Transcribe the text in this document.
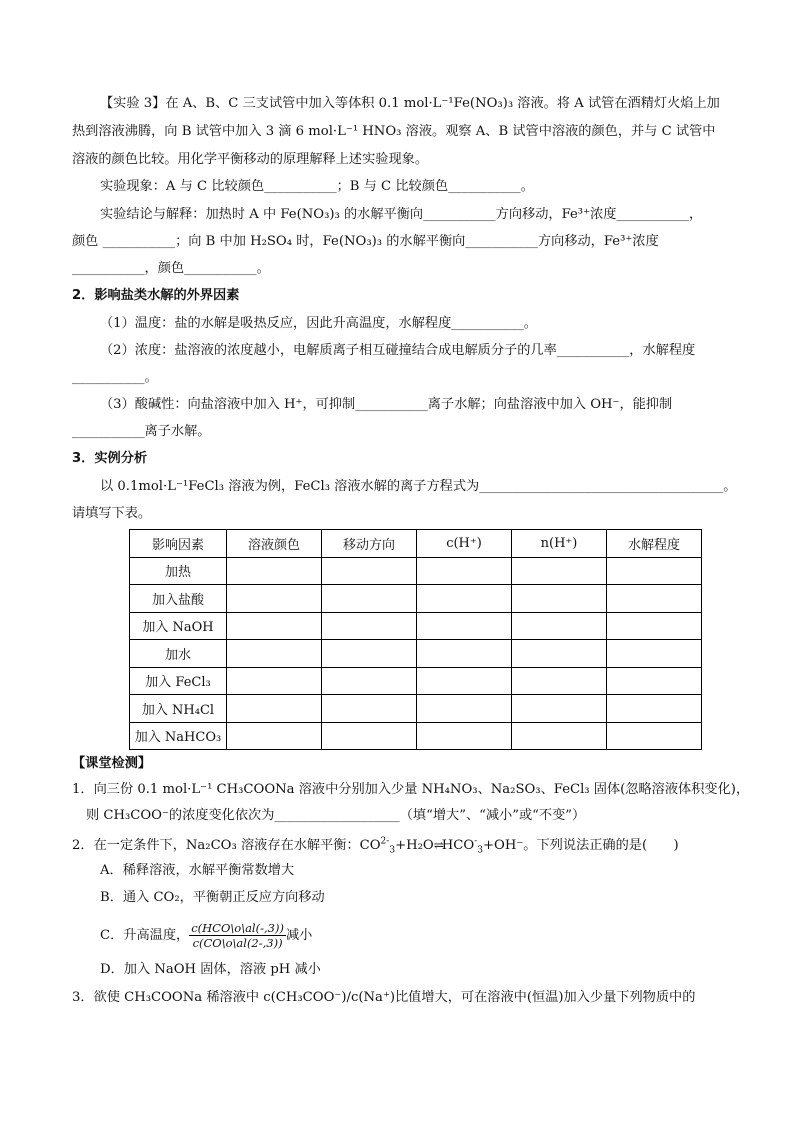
【实验 3】在 A、B、C 三支试管中加入等体积 0.1 mol·L⁻¹Fe(NO₃)₃ 溶液。将 A 试管在酒精灯火焰上加
热到溶液沸腾，向 B 试管中加入 3 滴 6 mol·L⁻¹ HNO₃ 溶液。观察 A、B 试管中溶液的颜色，并与 C 试管中
溶液的颜色比较。用化学平衡移动的原理解释上述实验现象。
实验现象：A 与 C 比较颜色___________；B 与 C 比较颜色___________。
实验结论与解释：加热时 A 中 Fe(NO₃)₃ 的水解平衡向___________方向移动，Fe³⁺浓度___________，
颜色 ___________；向 B 中加 H₂SO₄ 时，Fe(NO₃)₃ 的水解平衡向___________方向移动，Fe³⁺浓度
___________，颜色___________。
2．影响盐类水解的外界因素
（1）温度：盐的水解是吸热反应，因此升高温度，水解程度___________。
（2）浓度：盐溶液的浓度越小，电解质离子相互碰撞结合成电解质分子的几率___________，水解程度
___________。
（3）酸碱性：向盐溶液中加入 H⁺，可抑制___________离子水解；向盐溶液中加入 OH⁻，能抑制
___________离子水解。
3．实例分析
以 0.1mol·L⁻¹FeCl₃ 溶液为例，FeCl₃ 溶液水解的离子方程式为_____________________________________。
请填写下表。
影响因素	溶液颜色	移动方向	c(H⁺)	n(H⁺)	水解程度
加热					
加入盐酸					
加入 NaOH					
加水					
加入 FeCl₃					
加入 NH₄Cl					
加入 NaHCO₃					
【课堂检测】
1．向三份 0.1 mol·L⁻¹ CH₃COONa 溶液中分别加入少量 NH₄NO₃、Na₂SO₃、FeCl₃ 固体(忽略溶液体积变化)，
则 CH₃COO⁻的浓度变化依次为___________________（填“增大”、“减小”或“不变”）
2．在一定条件下，Na₂CO₃ 溶液存在水解平衡：$CO^{2-}_3+H_2O\rightleftharpoons HCO^-_3+OH^-$。下列说法正确的是(　　)
A．稀释溶液，水解平衡常数增大
B．通入 CO₂，平衡朝正反应方向移动
C．升高温度， $\frac{\text{c(HCO\textbackslash{}o\textbackslash{}al(-,3))}}{c(CO\backslash o\backslash al(2-,3))}$ 减小
D．加入 NaOH 固体，溶液 pH 减小
3．欲使 CH₃COONa 稀溶液中 c(CH₃COO⁻)/c(Na⁺)比值增大，可在溶液中(恒温)加入少量下列物质中的
